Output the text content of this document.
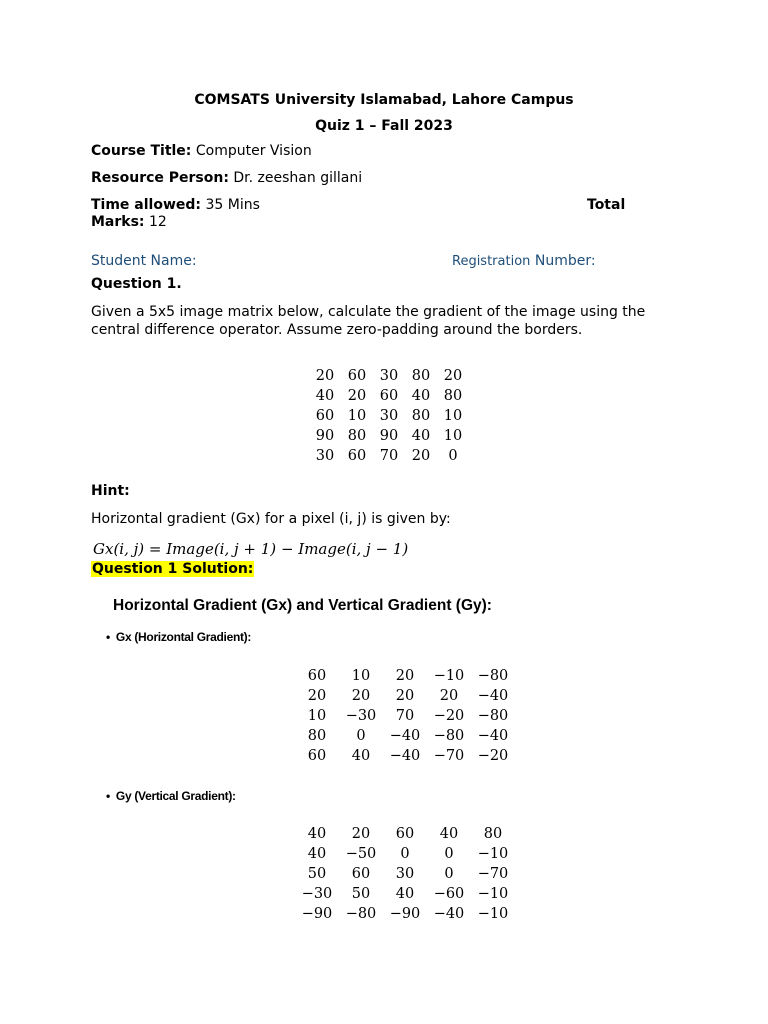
COMSATS University Islamabad, Lahore Campus
Quiz 1 – Fall 2023
Course Title: Computer Vision
Resource Person: Dr. zeeshan gillani
Time allowed: 35 Mins	Total
Marks: 12
Student Name:	Registration Number:
Question 1.
Given a 5x5 image matrix below, calculate the gradient of the image using the
central difference operator. Assume zero-padding around the borders.
20	60	30	80	20
40	20	60	40	80
60	10	30	80	10
90	80	90	40	10
30	60	70	20	0
Hint:
Horizontal gradient (Gx) for a pixel (i, j) is given by:
Gx(i, j) = Image(i, j + 1) − Image(i, j − 1)
Question 1 Solution:
Horizontal Gradient (Gx) and Vertical Gradient (Gy):
• Gx (Horizontal Gradient):
60	10	20	−10	−80
20	20	20	20	−40
10	−30	70	−20	−80
80	0	−40	−80	−40
60	40	−40	−70	−20
• Gy (Vertical Gradient):
40	20	60	40	80
40	−50	0	0	−10
50	60	30	0	−70
−30	50	40	−60	−10
−90	−80	−90	−40	−10
